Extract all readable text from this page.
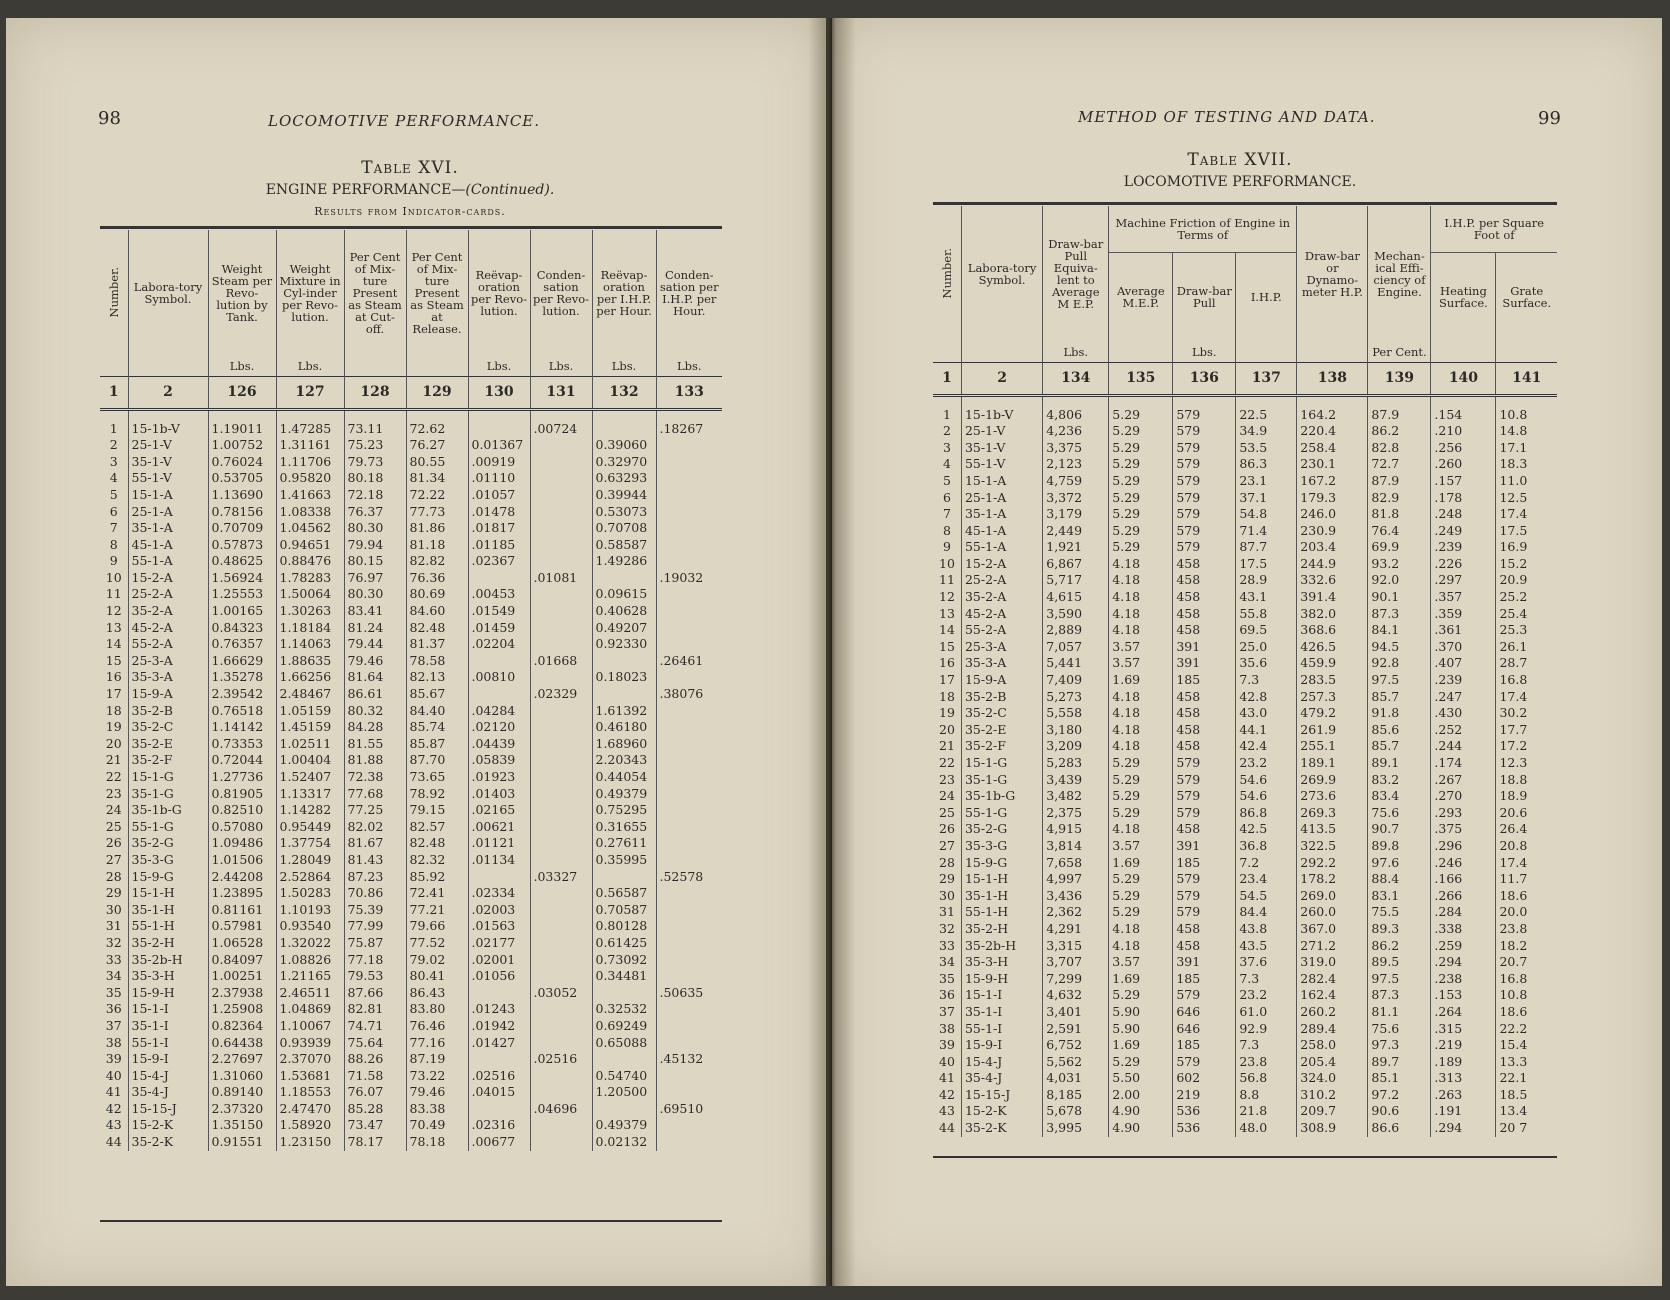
98	LOCOMOTIVE PERFORMANCE.
Table XVI.
ENGINE PERFORMANCE—(Continued).
Results from Indicator-cards.
Number.	Labora-tory Symbol.	Weight Steam per Revo-lution by Tank.	Weight Mixture in Cyl-inder per Revo-lution.	Per Cent of Mix-ture Present as Steam at Cut-off.	Per Cent of Mix-ture Present as Steam at Release.	Reëvap-oration per Revo-lution.	Conden-sation per Revo-lution.	Reëvap-oration per I.H.P. per Hour.	Conden-sation per I.H.P. per Hour.
		Lbs.	Lbs.			Lbs.	Lbs.	Lbs.	Lbs.
1	2	126	127	128	129	130	131	132	133
1	15-1b-V	1.19011	1.47285	73.11	72.62		.00724		.18267
2	25-1-V	1.00752	1.31161	75.23	76.27	0.01367		0.39060	
3	35-1-V	0.76024	1.11706	79.73	80.55	.00919		0.32970	
4	55-1-V	0.53705	0.95820	80.18	81.34	.01110		0.63293	
5	15-1-A	1.13690	1.41663	72.18	72.22	.01057		0.39944	
6	25-1-A	0.78156	1.08338	76.37	77.73	.01478		0.53073	
7	35-1-A	0.70709	1.04562	80.30	81.86	.01817		0.70708	
8	45-1-A	0.57873	0.94651	79.94	81.18	.01185		0.58587	
9	55-1-A	0.48625	0.88476	80.15	82.82	.02367		1.49286	
10	15-2-A	1.56924	1.78283	76.97	76.36		.01081		.19032
11	25-2-A	1.25553	1.50064	80.30	80.69	.00453		0.09615	
12	35-2-A	1.00165	1.30263	83.41	84.60	.01549		0.40628	
13	45-2-A	0.84323	1.18184	81.24	82.48	.01459		0.49207	
14	55-2-A	0.76357	1.14063	79.44	81.37	.02204		0.92330	
15	25-3-A	1.66629	1.88635	79.46	78.58		.01668		.26461
16	35-3-A	1.35278	1.66256	81.64	82.13	.00810		0.18023	
17	15-9-A	2.39542	2.48467	86.61	85.67		.02329		.38076
18	35-2-B	0.76518	1.05159	80.32	84.40	.04284		1.61392	
19	35-2-C	1.14142	1.45159	84.28	85.74	.02120		0.46180	
20	35-2-E	0.73353	1.02511	81.55	85.87	.04439		1.68960	
21	35-2-F	0.72044	1.00404	81.88	87.70	.05839		2.20343	
22	15-1-G	1.27736	1.52407	72.38	73.65	.01923		0.44054	
23	35-1-G	0.81905	1.13317	77.68	78.92	.01403		0.49379	
24	35-1b-G	0.82510	1.14282	77.25	79.15	.02165		0.75295	
25	55-1-G	0.57080	0.95449	82.02	82.57	.00621		0.31655	
26	35-2-G	1.09486	1.37754	81.67	82.48	.01121		0.27611	
27	35-3-G	1.01506	1.28049	81.43	82.32	.01134		0.35995	
28	15-9-G	2.44208	2.52864	87.23	85.92		.03327		.52578
29	15-1-H	1.23895	1.50283	70.86	72.41	.02334		0.56587	
30	35-1-H	0.81161	1.10193	75.39	77.21	.02003		0.70587	
31	55-1-H	0.57981	0.93540	77.99	79.66	.01563		0.80128	
32	35-2-H	1.06528	1.32022	75.87	77.52	.02177		0.61425	
33	35-2b-H	0.84097	1.08826	77.18	79.02	.02001		0.73092	
34	35-3-H	1.00251	1.21165	79.53	80.41	.01056		0.34481	
35	15-9-H	2.37938	2.46511	87.66	86.43		.03052		.50635
36	15-1-I	1.25908	1.04869	82.81	83.80	.01243		0.32532	
37	35-1-I	0.82364	1.10067	74.71	76.46	.01942		0.69249	
38	55-1-I	0.64438	0.93939	75.64	77.16	.01427		0.65088	
39	15-9-I	2.27697	2.37070	88.26	87.19		.02516		.45132
40	15-4-J	1.31060	1.53681	71.58	73.22	.02516		0.54740	
41	35-4-J	0.89140	1.18553	76.07	79.46	.04015		1.20500	
42	15-15-J	2.37320	2.47470	85.28	83.38		.04696		.69510
43	15-2-K	1.35150	1.58920	73.47	70.49	.02316		0.49379	
44	35-2-K	0.91551	1.23150	78.17	78.18	.00677		0.02132	
METHOD OF TESTING AND DATA.	99
Table XVII.
LOCOMOTIVE PERFORMANCE.
Number.	Labora-tory Symbol.	Draw-bar Pull Equiva-lent to Average M E.P.	Machine Friction of Engine in Terms of			Draw-bar or Dynamo-meter H.P.	Mechan-ical Effi-ciency of Engine.	I.H.P. per Square Foot of	
			Average M.E.P.	Draw-bar Pull	I.H.P.			Heating Surface.	Grate Surface.
		Lbs.		Lbs.			Per Cent.		
1	2	134	135	136	137	138	139	140	141
1	15-1b-V	4,806	5.29	579	22.5	164.2	87.9	.154	10.8
2	25-1-V	4,236	5.29	579	34.9	220.4	86.2	.210	14.8
3	35-1-V	3,375	5.29	579	53.5	258.4	82.8	.256	17.1
4	55-1-V	2,123	5.29	579	86.3	230.1	72.7	.260	18.3
5	15-1-A	4,759	5.29	579	23.1	167.2	87.9	.157	11.0
6	25-1-A	3,372	5.29	579	37.1	179.3	82.9	.178	12.5
7	35-1-A	3,179	5.29	579	54.8	246.0	81.8	.248	17.4
8	45-1-A	2,449	5.29	579	71.4	230.9	76.4	.249	17.5
9	55-1-A	1,921	5.29	579	87.7	203.4	69.9	.239	16.9
10	15-2-A	6,867	4.18	458	17.5	244.9	93.2	.226	15.2
11	25-2-A	5,717	4.18	458	28.9	332.6	92.0	.297	20.9
12	35-2-A	4,615	4.18	458	43.1	391.4	90.1	.357	25.2
13	45-2-A	3,590	4.18	458	55.8	382.0	87.3	.359	25.4
14	55-2-A	2,889	4.18	458	69.5	368.6	84.1	.361	25.3
15	25-3-A	7,057	3.57	391	25.0	426.5	94.5	.370	26.1
16	35-3-A	5,441	3.57	391	35.6	459.9	92.8	.407	28.7
17	15-9-A	7,409	1.69	185	7.3	283.5	97.5	.239	16.8
18	35-2-B	5,273	4.18	458	42.8	257.3	85.7	.247	17.4
19	35-2-C	5,558	4.18	458	43.0	479.2	91.8	.430	30.2
20	35-2-E	3,180	4.18	458	44.1	261.9	85.6	.252	17.7
21	35-2-F	3,209	4.18	458	42.4	255.1	85.7	.244	17.2
22	15-1-G	5,283	5.29	579	23.2	189.1	89.1	.174	12.3
23	35-1-G	3,439	5.29	579	54.6	269.9	83.2	.267	18.8
24	35-1b-G	3,482	5.29	579	54.6	273.6	83.4	.270	18.9
25	55-1-G	2,375	5.29	579	86.8	269.3	75.6	.293	20.6
26	35-2-G	4,915	4.18	458	42.5	413.5	90.7	.375	26.4
27	35-3-G	3,814	3.57	391	36.8	322.5	89.8	.296	20.8
28	15-9-G	7,658	1.69	185	7.2	292.2	97.6	.246	17.4
29	15-1-H	4,997	5.29	579	23.4	178.2	88.4	.166	11.7
30	35-1-H	3,436	5.29	579	54.5	269.0	83.1	.266	18.6
31	55-1-H	2,362	5.29	579	84.4	260.0	75.5	.284	20.0
32	35-2-H	4,291	4.18	458	43.8	367.0	89.3	.338	23.8
33	35-2b-H	3,315	4.18	458	43.5	271.2	86.2	.259	18.2
34	35-3-H	3,707	3.57	391	37.6	319.0	89.5	.294	20.7
35	15-9-H	7,299	1.69	185	7.3	282.4	97.5	.238	16.8
36	15-1-I	4,632	5.29	579	23.2	162.4	87.3	.153	10.8
37	35-1-I	3,401	5.90	646	61.0	260.2	81.1	.264	18.6
38	55-1-I	2,591	5.90	646	92.9	289.4	75.6	.315	22.2
39	15-9-I	6,752	1.69	185	7.3	258.0	97.3	.219	15.4
40	15-4-J	5,562	5.29	579	23.8	205.4	89.7	.189	13.3
41	35-4-J	4,031	5.50	602	56.8	324.0	85.1	.313	22.1
42	15-15-J	8,185	2.00	219	8.8	310.2	97.2	.263	18.5
43	15-2-K	5,678	4.90	536	21.8	209.7	90.6	.191	13.4
44	35-2-K	3,995	4.90	536	48.0	308.9	86.6	.294	20 7
